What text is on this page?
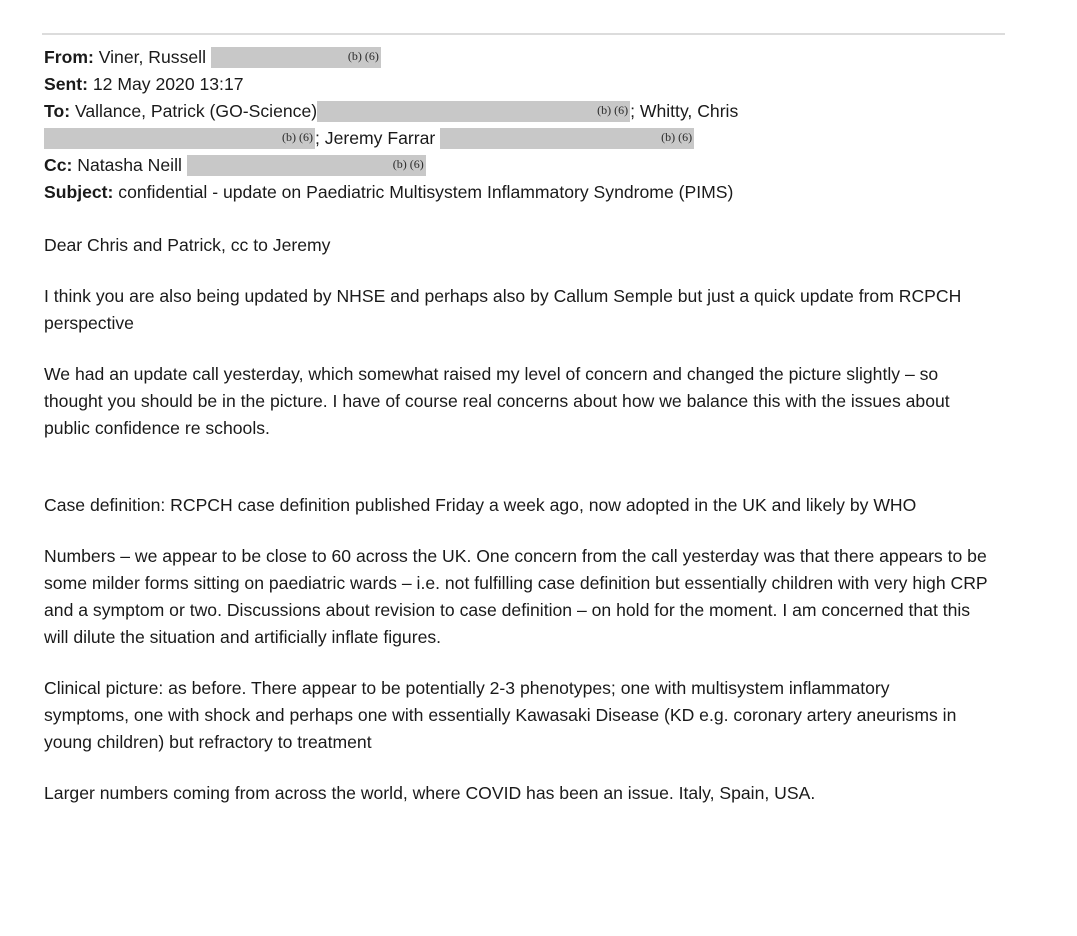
From: Viner, Russell	(b) (6)
Sent: 12 May 2020 13:17
To: Vallance, Patrick (GO-Science)	(b) (6) ; Whitty, Chris
(b) (6) ; Jeremy Farrar	(b) (6)
Cc: Natasha Neill	(b) (6)
Subject: confidential - update on Paediatric Multisystem Inflammatory Syndrome (PIMS)

Dear Chris and Patrick, cc to Jeremy

I think you are also being updated by NHSE and perhaps also by Callum Semple but just a quick update from RCPCH perspective

We had an update call yesterday, which somewhat raised my level of concern and changed the picture slightly – so thought you should be in the picture. I have of course real concerns about how we balance this with the issues about public confidence re schools.

Case definition: RCPCH case definition published Friday a week ago, now adopted in the UK and likely by WHO

Numbers – we appear to be close to 60 across the UK. One concern from the call yesterday was that there appears to be some milder forms sitting on paediatric wards – i.e. not fulfilling case definition but essentially children with very high CRP and a symptom or two. Discussions about revision to case definition – on hold for the moment. I am concerned that this will dilute the situation and artificially inflate figures.

Clinical picture: as before. There appear to be potentially 2-3 phenotypes; one with multisystem inflammatory symptoms, one with shock and perhaps one with essentially Kawasaki Disease (KD e.g. coronary artery aneurisms in young children) but refractory to treatment

Larger numbers coming from across the world, where COVID has been an issue. Italy, Spain, USA.
